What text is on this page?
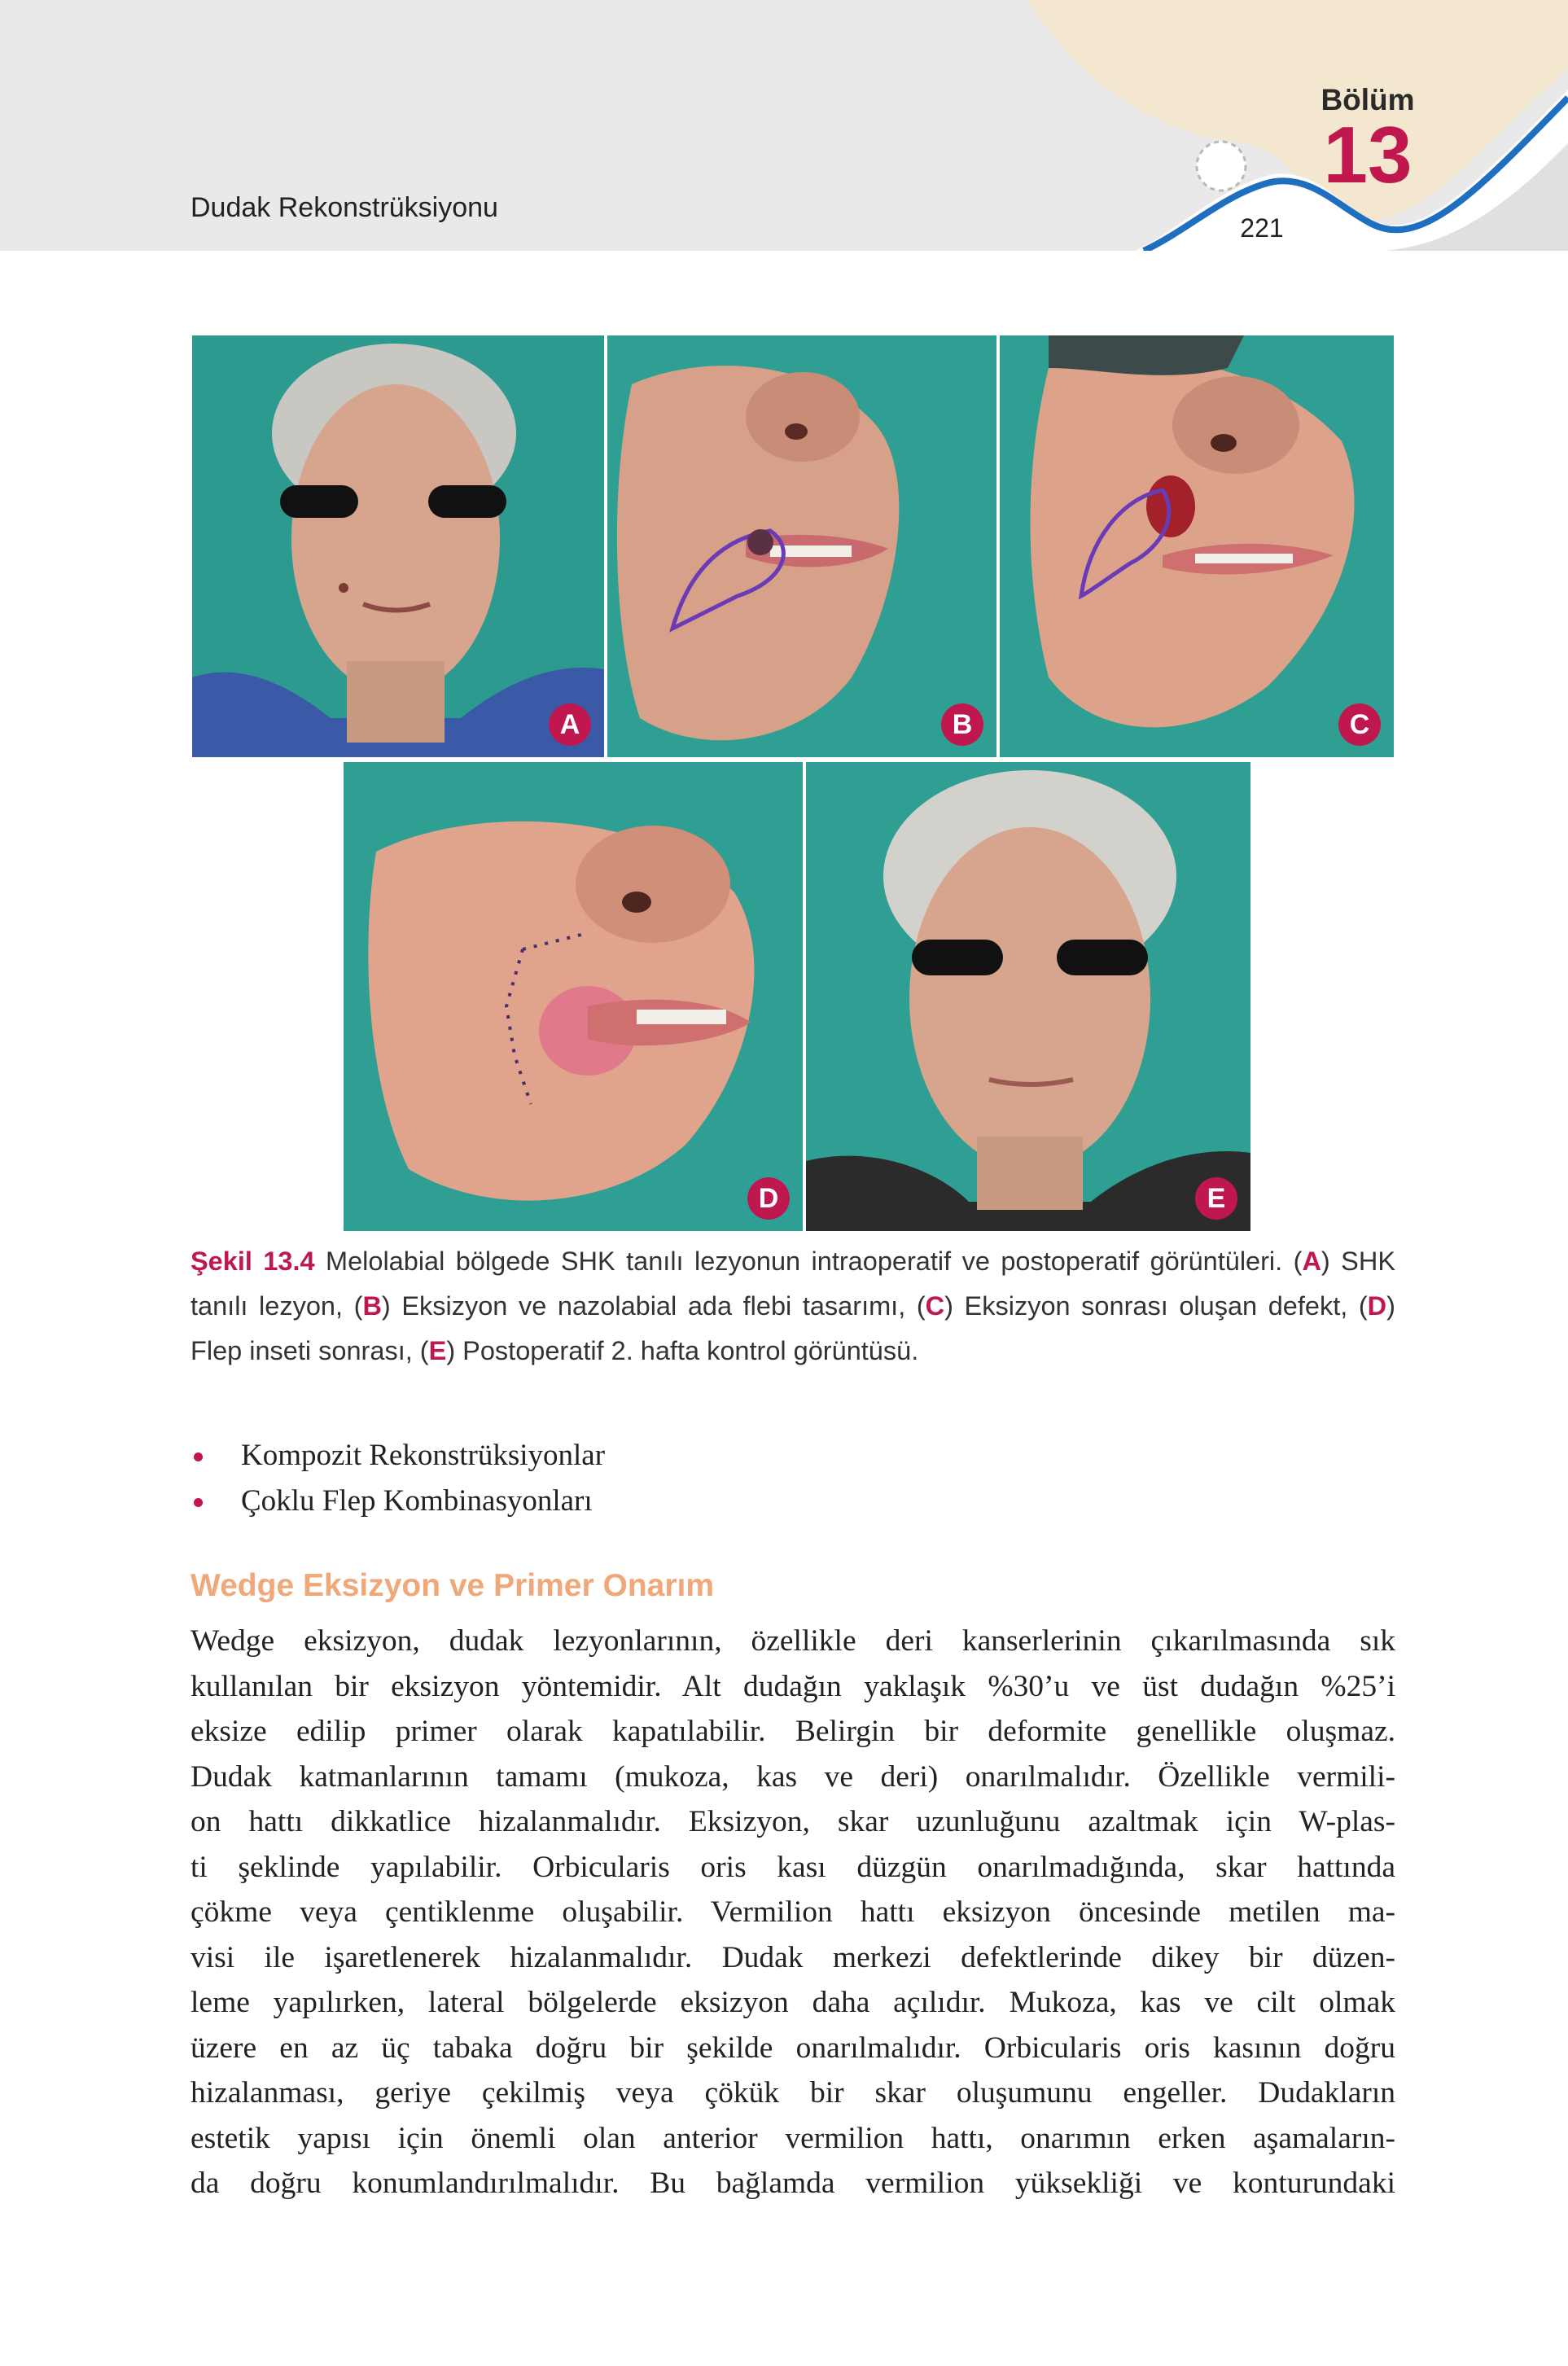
Dudak Rekonstrüksiyonu
Bölüm
13
221
A	B	C
D	E
Şekil 13.4 Melolabial bölgede SHK tanılı lezyonun intraoperatif ve postoperatif görüntüleri. (A) SHK tanılı lezyon, (B) Eksizyon ve nazolabial ada flebi tasarımı, (C) Eksizyon sonrası oluşan defekt, (D) Flep inseti sonrası, (E) Postoperatif 2. hafta kontrol görüntüsü.
Kompozit Rekonstrüksiyonlar
Çoklu Flep Kombinasyonları
Wedge Eksizyon ve Primer Onarım
Wedge eksizyon, dudak lezyonlarının, özellikle deri kanserlerinin çıkarılmasında sık
kullanılan bir eksizyon yöntemidir. Alt dudağın yaklaşık %30’u ve üst dudağın %25’i
eksize edilip primer olarak kapatılabilir. Belirgin bir deformite genellikle oluşmaz.
Dudak katmanlarının tamamı (mukoza, kas ve deri) onarılmalıdır. Özellikle vermili-
on hattı dikkatlice hizalanmalıdır. Eksizyon, skar uzunluğunu azaltmak için W-plas-
ti şeklinde yapılabilir. Orbicularis oris kası düzgün onarılmadığında, skar hattında
çökme veya çentiklenme oluşabilir. Vermilion hattı eksizyon öncesinde metilen ma-
visi ile işaretlenerek hizalanmalıdır. Dudak merkezi defektlerinde dikey bir düzen-
leme yapılırken, lateral bölgelerde eksizyon daha açılıdır. Mukoza, kas ve cilt olmak
üzere en az üç tabaka doğru bir şekilde onarılmalıdır. Orbicularis oris kasının doğru
hizalanması, geriye çekilmiş veya çökük bir skar oluşumunu engeller. Dudakların
estetik yapısı için önemli olan anterior vermilion hattı, onarımın erken aşamaların-
da doğru konumlandırılmalıdır. Bu bağlamda vermilion yüksekliği ve konturundaki
